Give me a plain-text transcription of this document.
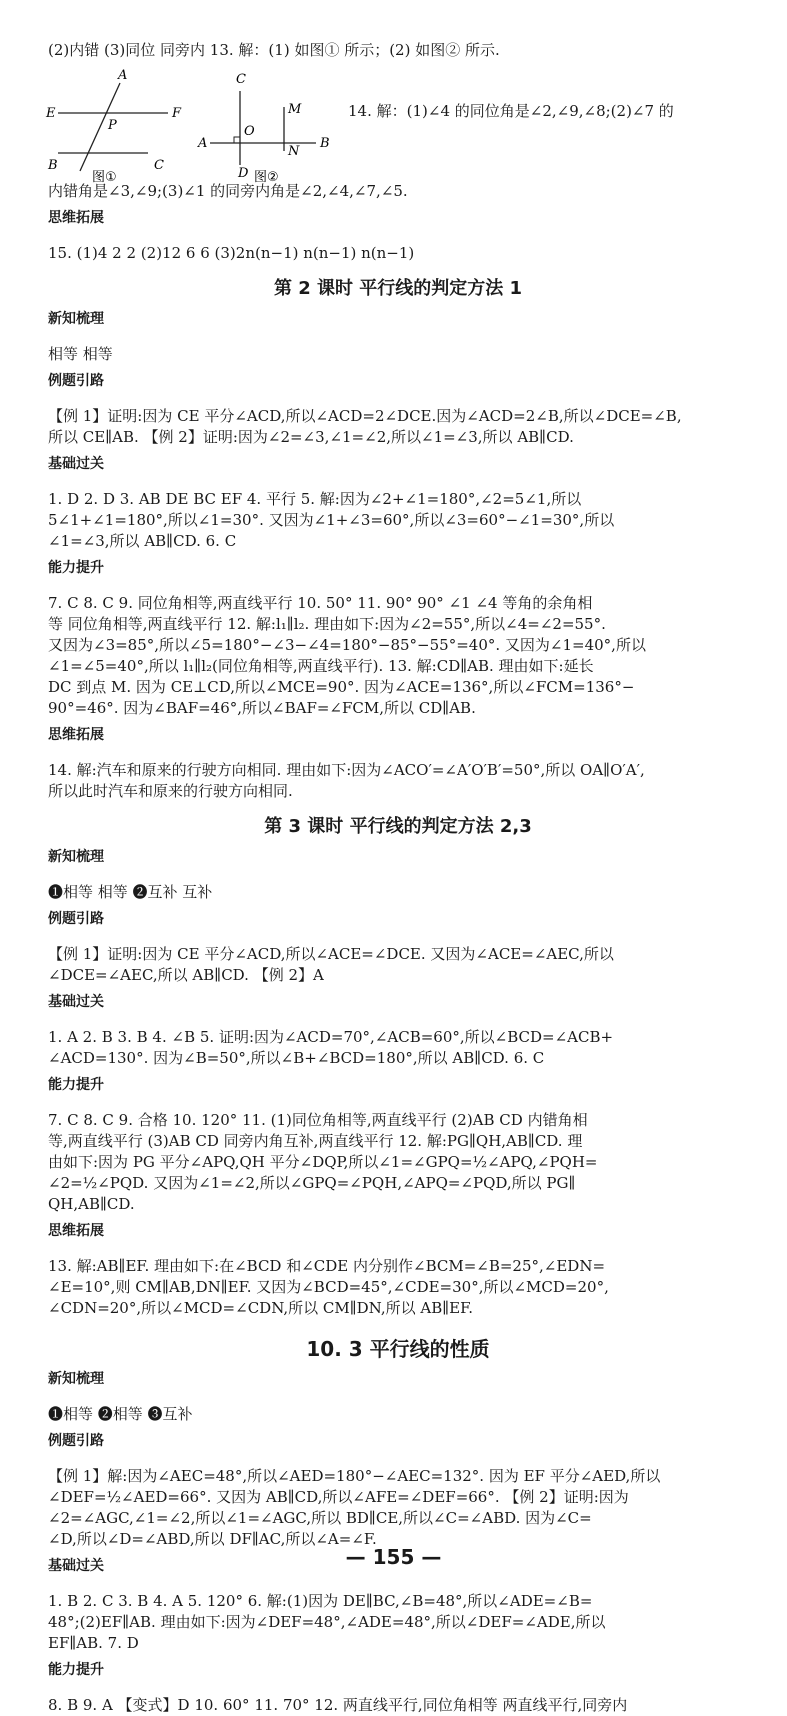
(2)内错 (3)同位 同旁内 13. 解：(1) 如图① 所示；(2) 如图② 所示.

A
E	F
P
B	C
图①
C
M
O
A
N
B
D 图②

14. 解：(1)∠4 的同位角是∠2,∠9,∠8;(2)∠7 的

内错角是∠3,∠9;(3)∠1 的同旁内角是∠2,∠4,∠7,∠5.

思维拓展

15. (1)4 2 2 (2)12 6 6 (3)2n(n−1) n(n−1) n(n−1)

第 2 课时 平行线的判定方法 1

新知梳理

相等 相等

例题引路

【例 1】证明:因为 CE 平分∠ACD,所以∠ACD=2∠DCE.因为∠ACD=2∠B,所以∠DCE=∠B,

所以 CE∥AB. 【例 2】证明:因为∠2=∠3,∠1=∠2,所以∠1=∠3,所以 AB∥CD.

基础过关

1. D 2. D 3. AB DE BC EF 4. 平行 5. 解:因为∠2+∠1=180°,∠2=5∠1,所以

5∠1+∠1=180°,所以∠1=30°. 又因为∠1+∠3=60°,所以∠3=60°−∠1=30°,所以

∠1=∠3,所以 AB∥CD. 6. C

能力提升

7. C 8. C 9. 同位角相等,两直线平行 10. 50° 11. 90° 90° ∠1 ∠4 等角的余角相

等 同位角相等,两直线平行 12. 解:l₁∥l₂. 理由如下:因为∠2=55°,所以∠4=∠2=55°.

又因为∠3=85°,所以∠5=180°−∠3−∠4=180°−85°−55°=40°. 又因为∠1=40°,所以

∠1=∠5=40°,所以 l₁∥l₂(同位角相等,两直线平行). 13. 解:CD∥AB. 理由如下:延长

DC 到点 M. 因为 CE⊥CD,所以∠MCE=90°. 因为∠ACE=136°,所以∠FCM=136°−

90°=46°. 因为∠BAF=46°,所以∠BAF=∠FCM,所以 CD∥AB.

思维拓展

14. 解:汽车和原来的行驶方向相同. 理由如下:因为∠ACO′=∠A′O′B′=50°,所以 OA∥O′A′,

所以此时汽车和原来的行驶方向相同.

第 3 课时 平行线的判定方法 2,3

新知梳理

❶相等 相等 ❷互补 互补

例题引路

【例 1】证明:因为 CE 平分∠ACD,所以∠ACE=∠DCE. 又因为∠ACE=∠AEC,所以

∠DCE=∠AEC,所以 AB∥CD. 【例 2】A

基础过关

1. A 2. B 3. B 4. ∠B 5. 证明:因为∠ACD=70°,∠ACB=60°,所以∠BCD=∠ACB+

∠ACD=130°. 因为∠B=50°,所以∠B+∠BCD=180°,所以 AB∥CD. 6. C

能力提升

7. C 8. C 9. 合格 10. 120° 11. (1)同位角相等,两直线平行 (2)AB CD 内错角相

等,两直线平行 (3)AB CD 同旁内角互补,两直线平行 12. 解:PG∥QH,AB∥CD. 理

由如下:因为 PG 平分∠APQ,QH 平分∠DQP,所以∠1=∠GPQ=½∠APQ,∠PQH=

∠2=½∠PQD. 又因为∠1=∠2,所以∠GPQ=∠PQH,∠APQ=∠PQD,所以 PG∥

QH,AB∥CD.

思维拓展

13. 解:AB∥EF. 理由如下:在∠BCD 和∠CDE 内分别作∠BCM=∠B=25°,∠EDN=

∠E=10°,则 CM∥AB,DN∥EF. 又因为∠BCD=45°,∠CDE=30°,所以∠MCD=20°,

∠CDN=20°,所以∠MCD=∠CDN,所以 CM∥DN,所以 AB∥EF.

10. 3 平行线的性质

新知梳理

❶相等 ❷相等 ❸互补

例题引路

【例 1】解:因为∠AEC=48°,所以∠AED=180°−∠AEC=132°. 因为 EF 平分∠AED,所以

∠DEF=½∠AED=66°. 又因为 AB∥CD,所以∠AFE=∠DEF=66°. 【例 2】证明:因为

∠2=∠AGC,∠1=∠2,所以∠1=∠AGC,所以 BD∥CE,所以∠C=∠ABD. 因为∠C=

∠D,所以∠D=∠ABD,所以 DF∥AC,所以∠A=∠F.

基础过关

1. B 2. C 3. B 4. A 5. 120° 6. 解:(1)因为 DE∥BC,∠B=48°,所以∠ADE=∠B=

48°;(2)EF∥AB. 理由如下:因为∠DEF=48°,∠ADE=48°,所以∠DEF=∠ADE,所以

EF∥AB. 7. D

能力提升

8. B 9. A 【变式】D 10. 60° 11. 70° 12. 两直线平行,同位角相等 两直线平行,同旁内

— 155 —
